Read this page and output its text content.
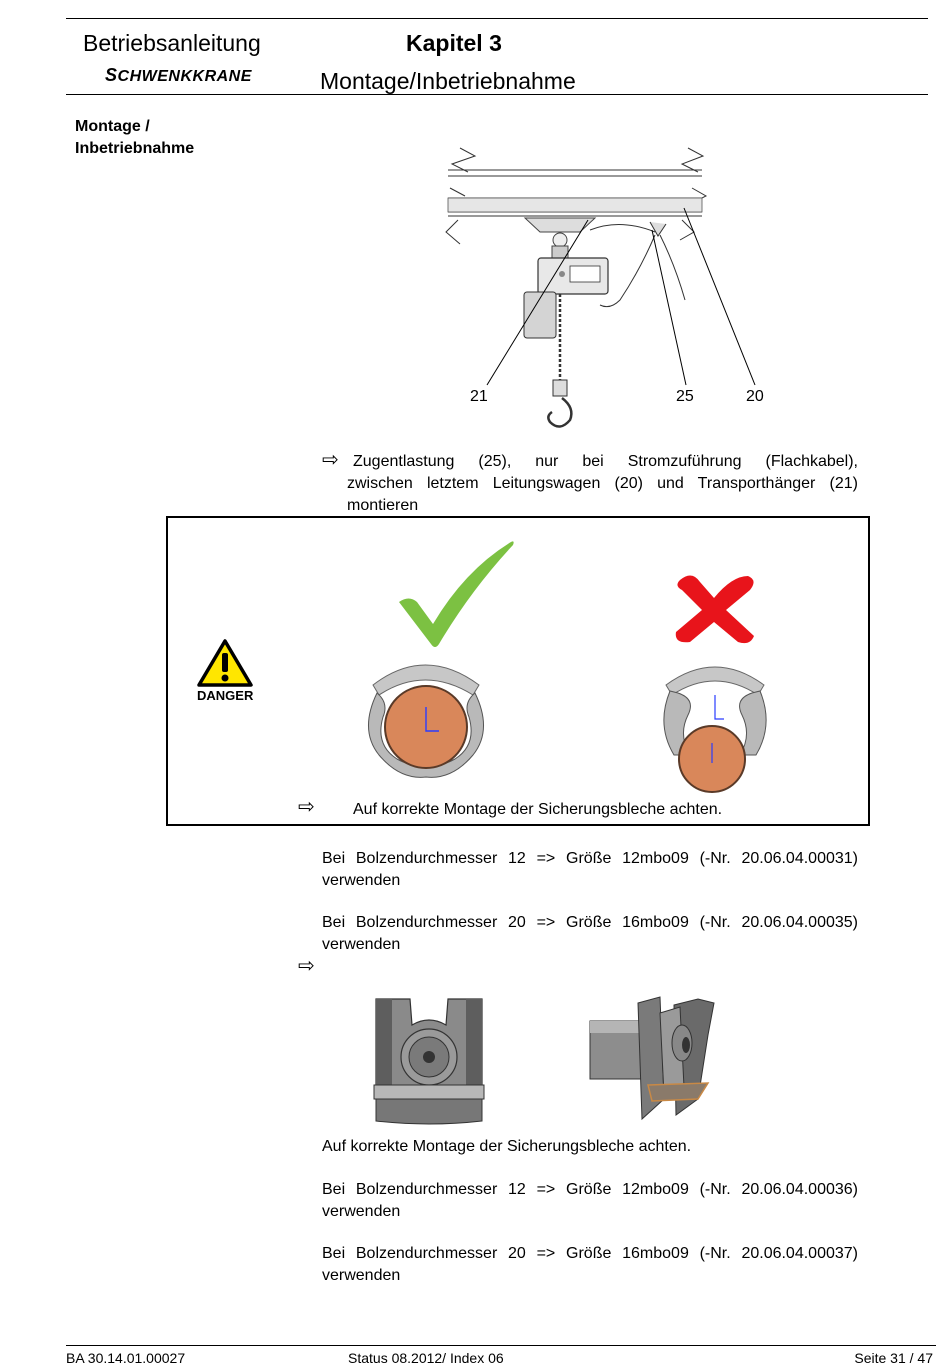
Betriebsanleitung
SCHWENKKRANE
Kapitel 3
Montage/Inbetriebnahme
Montage /
Inbetriebnahme
21	25	20
⇨ Zugentlastung (25), nur bei Stromzuführung (Flachkabel),
zwischen letztem Leitungswagen (20) und Transporthänger (21)
montieren
DANGER
⇨ Auf korrekte Montage der Sicherungsbleche achten.
Bei Bolzendurchmesser 12 => Größe 12mbo09 (-Nr. 20.06.04.00031)
verwenden
Bei Bolzendurchmesser 20 => Größe 16mbo09 (-Nr. 20.06.04.00035)
verwenden
⇨
Auf korrekte Montage der Sicherungsbleche achten.
Bei Bolzendurchmesser 12 => Größe 12mbo09 (-Nr. 20.06.04.00036)
verwenden
Bei Bolzendurchmesser 20 => Größe 16mbo09 (-Nr. 20.06.04.00037)
verwenden
BA 30.14.01.00027	Status 08.2012/ Index 06	Seite 31 / 47
